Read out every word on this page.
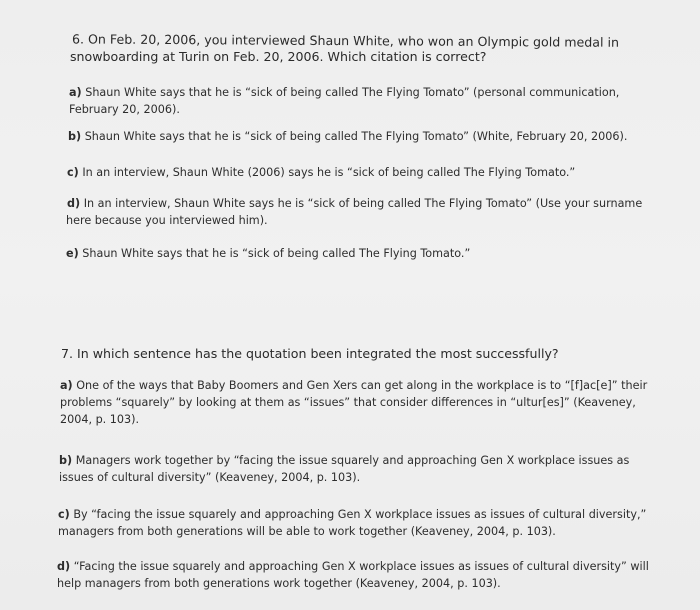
6. On Feb. 20, 2006, you interviewed Shaun White, who won an Olympic gold medal in
snowboarding at Turin on Feb. 20, 2006. Which citation is correct?
a) Shaun White says that he is “sick of being called The Flying Tomato” (personal communication,
February 20, 2006).
b) Shaun White says that he is “sick of being called The Flying Tomato” (White, February 20, 2006).
c) In an interview, Shaun White (2006) says he is “sick of being called The Flying Tomato.”
d) In an interview, Shaun White says he is “sick of being called The Flying Tomato” (Use your surname
here because you interviewed him).
e) Shaun White says that he is “sick of being called The Flying Tomato.”
7. In which sentence has the quotation been integrated the most successfully?
a) One of the ways that Baby Boomers and Gen Xers can get along in the workplace is to “[f]ac[e]” their
problems “squarely” by looking at them as “issues” that consider differences in “ultur[es]” (Keaveney,
2004, p. 103).
b) Managers work together by “facing the issue squarely and approaching Gen X workplace issues as
issues of cultural diversity” (Keaveney, 2004, p. 103).
c) By “facing the issue squarely and approaching Gen X workplace issues as issues of cultural diversity,”
managers from both generations will be able to work together (Keaveney, 2004, p. 103).
d) “Facing the issue squarely and approaching Gen X workplace issues as issues of cultural diversity” will
help managers from both generations work together (Keaveney, 2004, p. 103).
